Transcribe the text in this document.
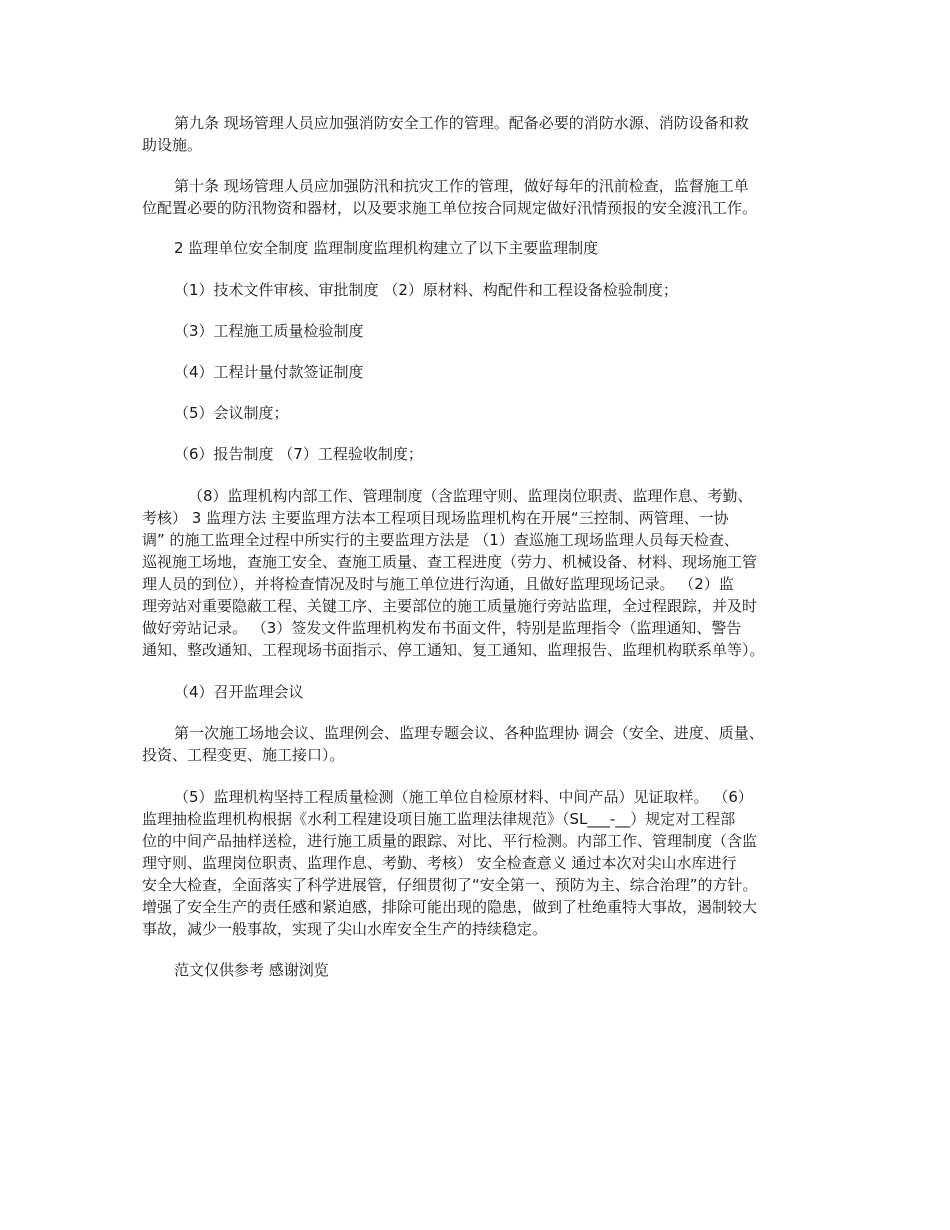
第九条 现场管理人员应加强消防安全工作的管理。配备必要的消防水源、消防设备和救
助设施。
第十条 现场管理人员应加强防汛和抗灾工作的管理，做好每年的汛前检查，监督施工单
位配置必要的防汛物资和器材，以及要求施工单位按合同规定做好汛情预报的安全渡汛工作。
2 监理单位安全制度 监理制度监理机构建立了以下主要监理制度
（1）技术文件审核、审批制度 （2）原材料、构配件和工程设备检验制度；
（3）工程施工质量检验制度
（4）工程计量付款签证制度
（5）会议制度；
（6）报告制度 （7）工程验收制度；
（8）监理机构内部工作、管理制度（含监理守则、监理岗位职责、监理作息、考勤、
考核） 3 监理方法 主要监理方法本工程项目现场监理机构在开展“三控制、两管理、一协
调” 的施工监理全过程中所实行的主要监理方法是 （1）查巡施工现场监理人员每天检查、
巡视施工场地，查施工安全、查施工质量、查工程进度（劳力、机械设备、材料、现场施工管
理人员的到位），并将检查情况及时与施工单位进行沟通，且做好监理现场记录。 （2）监
理旁站对重要隐蔽工程、关键工序、主要部位的施工质量施行旁站监理，全过程跟踪，并及时
做好旁站记录。 （3）签发文件监理机构发布书面文件，特别是监理指令（监理通知、警告
通知、整改通知、工程现场书面指示、停工通知、复工通知、监理报告、监理机构联系单等）。
（4）召开监理会议
第一次施工场地会议、监理例会、监理专题会议、各种监理协 调会（安全、进度、质量、
投资、工程变更、施工接口）。
（5）监理机构坚持工程质量检测（施工单位自检原材料、中间产品）见证取样。 （6）
监理抽检监理机构根据《水利工程建设项目施工监理法律规范》（SL___-__）规定对工程部
位的中间产品抽样送检，进行施工质量的跟踪、对比、平行检测。内部工作、管理制度（含监
理守则、监理岗位职责、监理作息、考勤、考核） 安全检查意义 通过本次对尖山水库进行
安全大检查，全面落实了科学进展管，仔细贯彻了“安全第一、预防为主、综合治理”的方针。
增强了安全生产的责任感和紧迫感，排除可能出现的隐患，做到了杜绝重特大事故，遏制较大
事故，减少一般事故，实现了尖山水库安全生产的持续稳定。
范文仅供参考 感谢浏览
